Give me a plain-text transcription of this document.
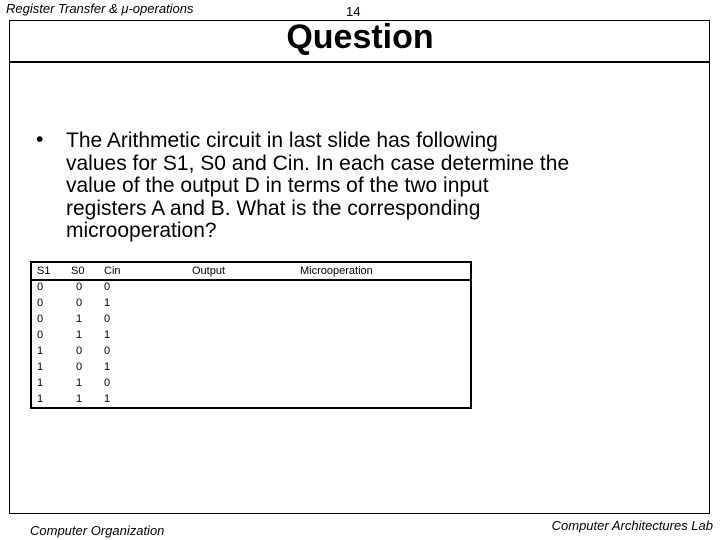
Register Transfer & μ-operations	14
Question
• The Arithmetic circuit in last slide has following
values for S1, S0 and Cin. In each case determine the
value of the output D in terms of the two input
registers A and B. What is the corresponding
microoperation?
S1 S0 Cin	Output	Microoperation
0	0 0
0	0 1
0	1 0
0	1 1
1	0 0
1	0 1
1	1 0
1	1 1
Computer Organization	Computer Architectures Lab
